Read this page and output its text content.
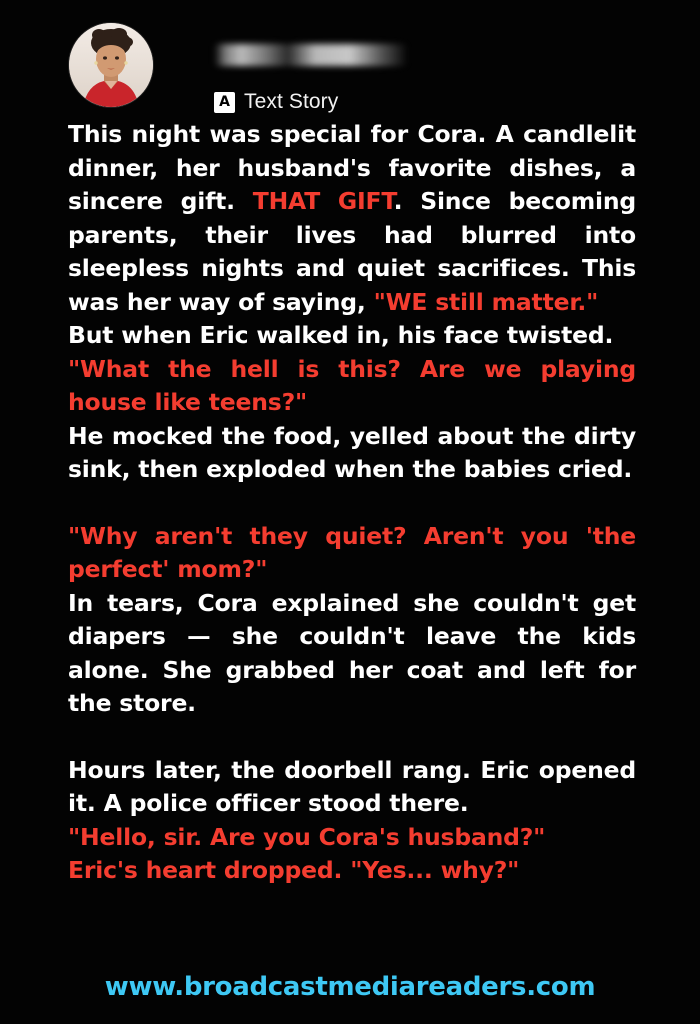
A Text Story

This night was special for Cora. A candlelit dinner, her husband's favorite dishes, a sincere gift. THAT GIFT. Since becoming parents, their lives had blurred into sleepless nights and quiet sacrifices. This was her way of saying, "WE still matter."

But when Eric walked in, his face twisted.

"What the hell is this? Are we playing house like teens?"

He mocked the food, yelled about the dirty sink, then exploded when the babies cried.

"Why aren't they quiet? Aren't you 'the perfect' mom?"

In tears, Cora explained she couldn't get diapers — she couldn't leave the kids alone. She grabbed her coat and left for the store.

Hours later, the doorbell rang. Eric opened it. A police officer stood there.

"Hello, sir. Are you Cora's husband?"

Eric's heart dropped. "Yes... why?"

www.broadcastmediareaders.com
